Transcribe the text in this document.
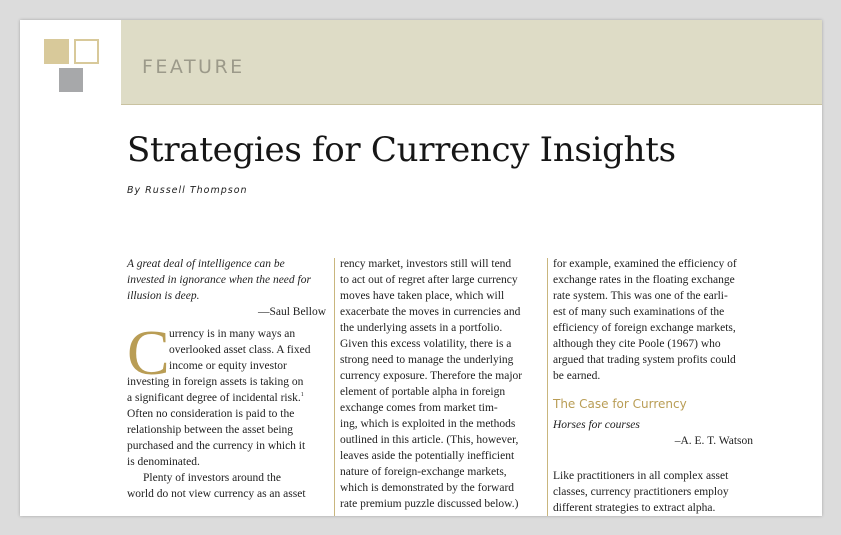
FEATURE
Strategies for Currency Insights
By Russell Thompson
A great deal of intelligence can be
invested in ignorance when the need for
illusion is deep.
—Saul Bellow
C urrency is in many ways an
overlooked asset class. A fixed
income or equity investor
investing in foreign assets is taking on
a significant degree of incidental risk.$^1$
Often no consideration is paid to the
relationship between the asset being
purchased and the currency in which it
is denominated.
Plenty of investors around the
world do not view currency as an asset
rency market, investors still will tend
to act out of regret after large currency
moves have taken place, which will
exacerbate the moves in currencies and
the underlying assets in a portfolio.
Given this excess volatility, there is a
strong need to manage the underlying
currency exposure. Therefore the major
element of portable alpha in foreign
exchange comes from market tim-
ing, which is exploited in the methods
outlined in this article. (This, however,
leaves aside the potentially inefficient
nature of foreign-exchange markets,
which is demonstrated by the forward
rate premium puzzle discussed below.)
for example, examined the efficiency of
exchange rates in the floating exchange
rate system. This was one of the earli-
est of many such examinations of the
efficiency of foreign exchange markets,
although they cite Poole (1967) who
argued that trading system profits could
be earned.
The Case for Currency
Horses for courses
–A. E. T. Watson
Like practitioners in all complex asset
classes, currency practitioners employ
different strategies to extract alpha.
